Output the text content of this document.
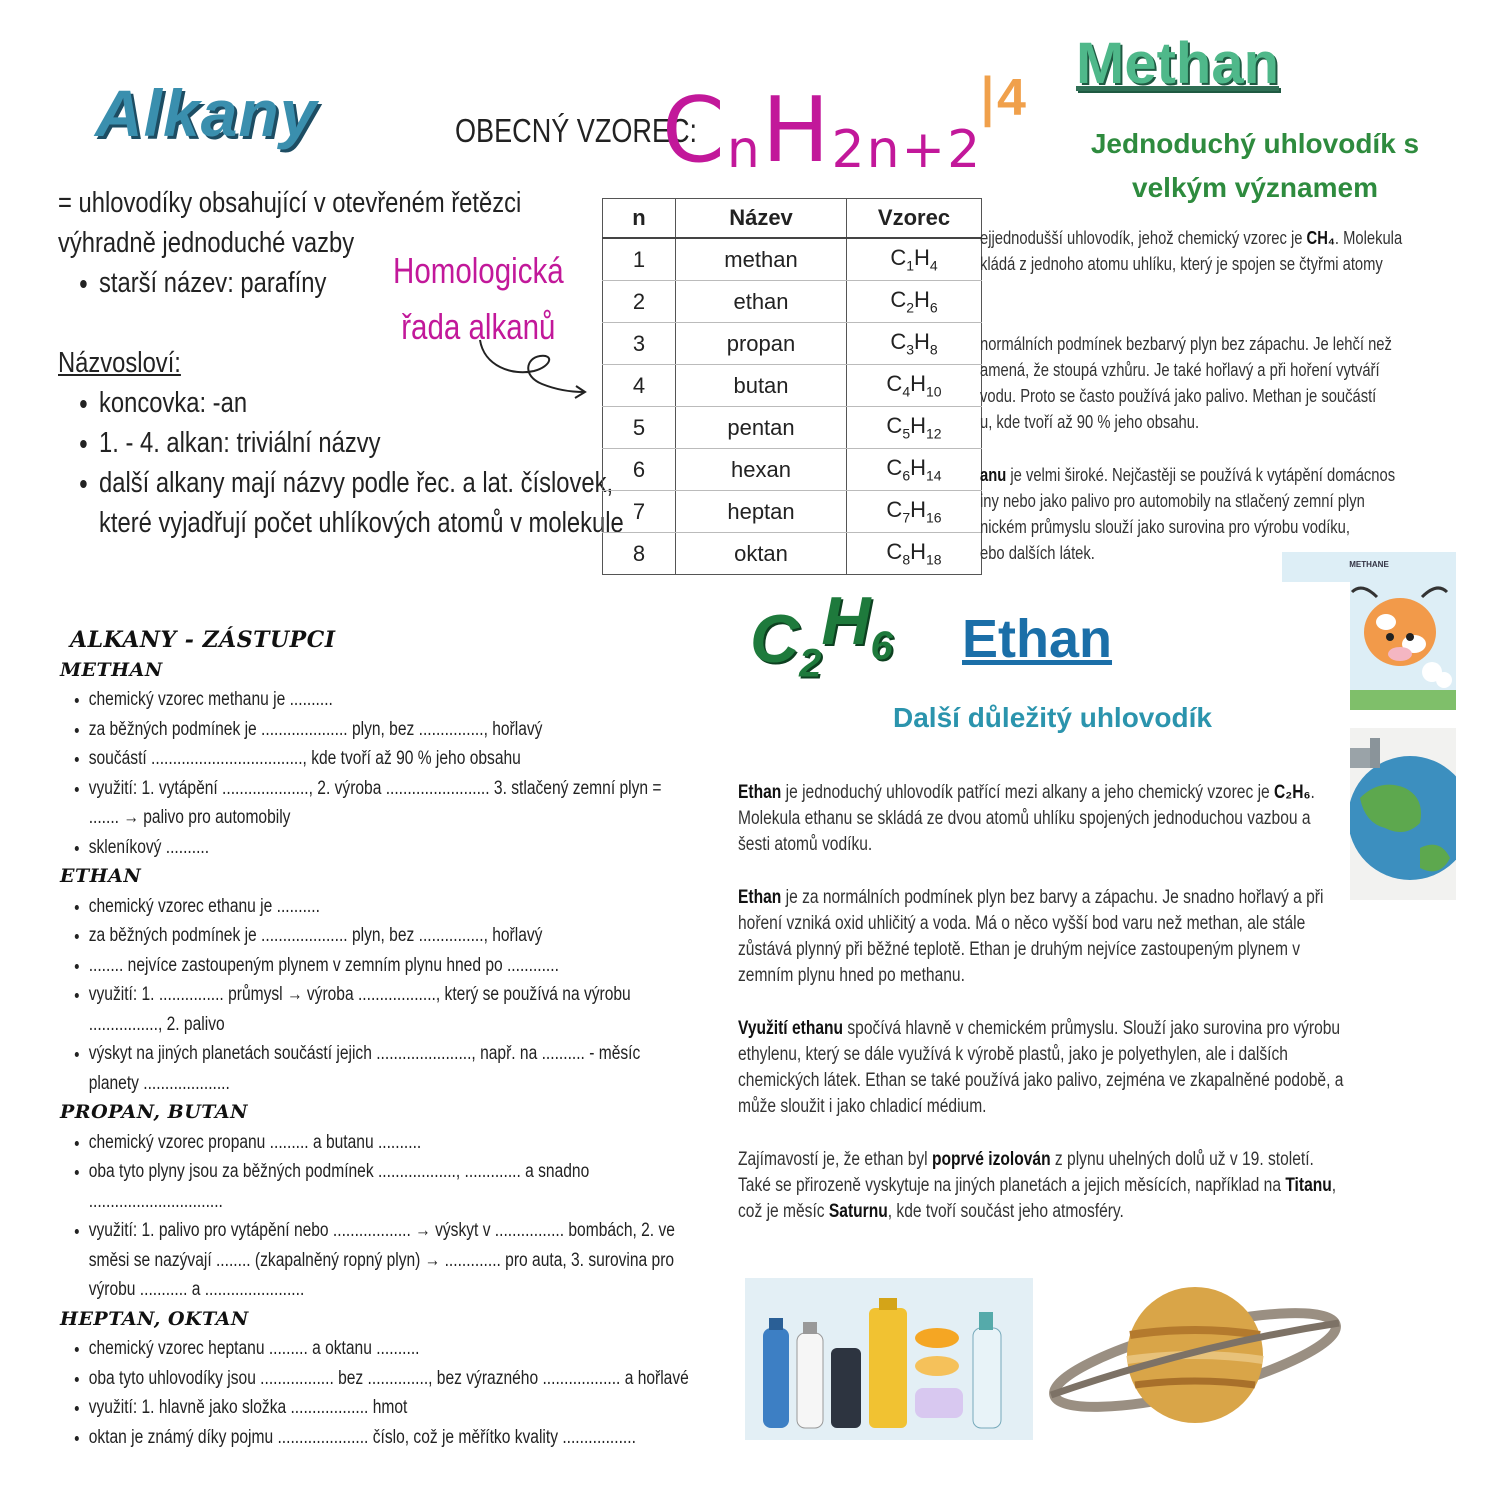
Alkany	OBECNÝ VZOREC:
$C_nH_{2n+2}$
|4
Methan
Jednoduchý uhlovodík s
velkým významem
= uhlovodíky obsahující v otevřeném řetězci výhradně jednoduché vazby
• starší název: parafíny	Homologická
řada alkanů
Názvosloví:
• koncovka: -an
• 1. - 4. alkan: triviální názvy
• další alkany mají názvy podle řec. a lat. číslovek, které vyjadřují počet uhlíkových atomů v molekule
n	Název	Vzorec
1	methan	$C_1H_4$
2	ethan	$C_2H_6$
3	propan	$C_3H_8$
4	butan	$C_4H_{10}$
5	pentan	$C_5H_{12}$
6	hexan	$C_6H_{14}$
7	heptan	$C_7H_{16}$
8	oktan	$C_8H_{18}$

ejjednodušší uhlovodík, jehož chemický vzorec je CH₄. Molekula

kládá z jednoho atomu uhlíku, který je spojen se čtyřmi atomy

normálních podmínek bezbarvý plyn bez zápachu. Je lehčí než

amená, že stoupá vzhůru. Je také hořlavý a při hoření vytváří

vodu. Proto se často používá jako palivo. Methan je součástí

u, kde tvoří až 90 % jeho obsahu.

anu je velmi široké. Nejčastěji se používá k vytápění domácnos

iny nebo jako palivo pro automobily na stlačený zemní plyn

nickém průmyslu slouží jako surovina pro výrobu vodíku,

ebo dalších látek.

METHANE
ALKANY - ZÁSTUPCI
METHAN
• chemický vzorec methanu je ..........
• za běžných podmínek je .................... plyn, bez ..............., hořlavý
• součástí ..................................., kde tvoří až 90 % jeho obsahu
• využití: 1. vytápění ...................., 2. výroba ........................ 3. stlačený zemní plyn = ....... → palivo pro automobily
• skleníkový ..........
ETHAN
• chemický vzorec ethanu je ..........
• za běžných podmínek je .................... plyn, bez ..............., hořlavý
• ........ nejvíce zastoupeným plynem v zemním plynu hned po ............
• využití: 1. ............... průmysl → výroba .................., který se používá na výrobu ................, 2. palivo
• výskyt na jiných planetách součástí jejich ......................, např. na .......... - měsíc planety ....................
PROPAN, BUTAN
• chemický vzorec propanu ......... a butanu ..........
• oba tyto plyny jsou za běžných podmínek .................., ............. a snadno ...............................
• využití: 1. palivo pro vytápění nebo .................. → výskyt v ................ bombách, 2. ve směsi se nazývají ........ (zkapalněný ropný plyn) → ............. pro auta, 3. surovina pro výrobu ........... a .......................
HEPTAN, OKTAN
• chemický vzorec heptanu ......... a oktanu ..........
• oba tyto uhlovodíky jsou ................. bez .............., bez výrazného .................. a hořlavé
• využití: 1. hlavně jako složka .................. hmot
• oktan je známý díky pojmu ..................... číslo, což je měřítko kvality .................
$C_2H_6$ Ethan
Další důležitý uhlovodík

Ethan je jednoduchý uhlovodík patřící mezi alkany a jeho chemický vzorec je C₂H₆. Molekula ethanu se skládá ze dvou atomů uhlíku spojených jednoduchou vazbou a šesti atomů vodíku.

Ethan je za normálních podmínek plyn bez barvy a zápachu. Je snadno hořlavý a při hoření vzniká oxid uhličitý a voda. Má o něco vyšší bod varu než methan, ale stále zůstává plynný při běžné teplotě. Ethan je druhým nejvíce zastoupeným plynem v zemním plynu hned po methanu.

Využití ethanu spočívá hlavně v chemickém průmyslu. Slouží jako surovina pro výrobu ethylenu, který se dále využívá k výrobě plastů, jako je polyethylen, ale i dalších chemických látek. Ethan se také používá jako palivo, zejména ve zkapalněné podobě, a může sloužit i jako chladicí médium.

Zajímavostí je, že ethan byl poprvé izolován z plynu uhelných dolů už v 19. století. Také se přirozeně vyskytuje na jiných planetách a jejich měsících, například na Titanu, což je měsíc Saturnu, kde tvoří součást jeho atmosféry.
